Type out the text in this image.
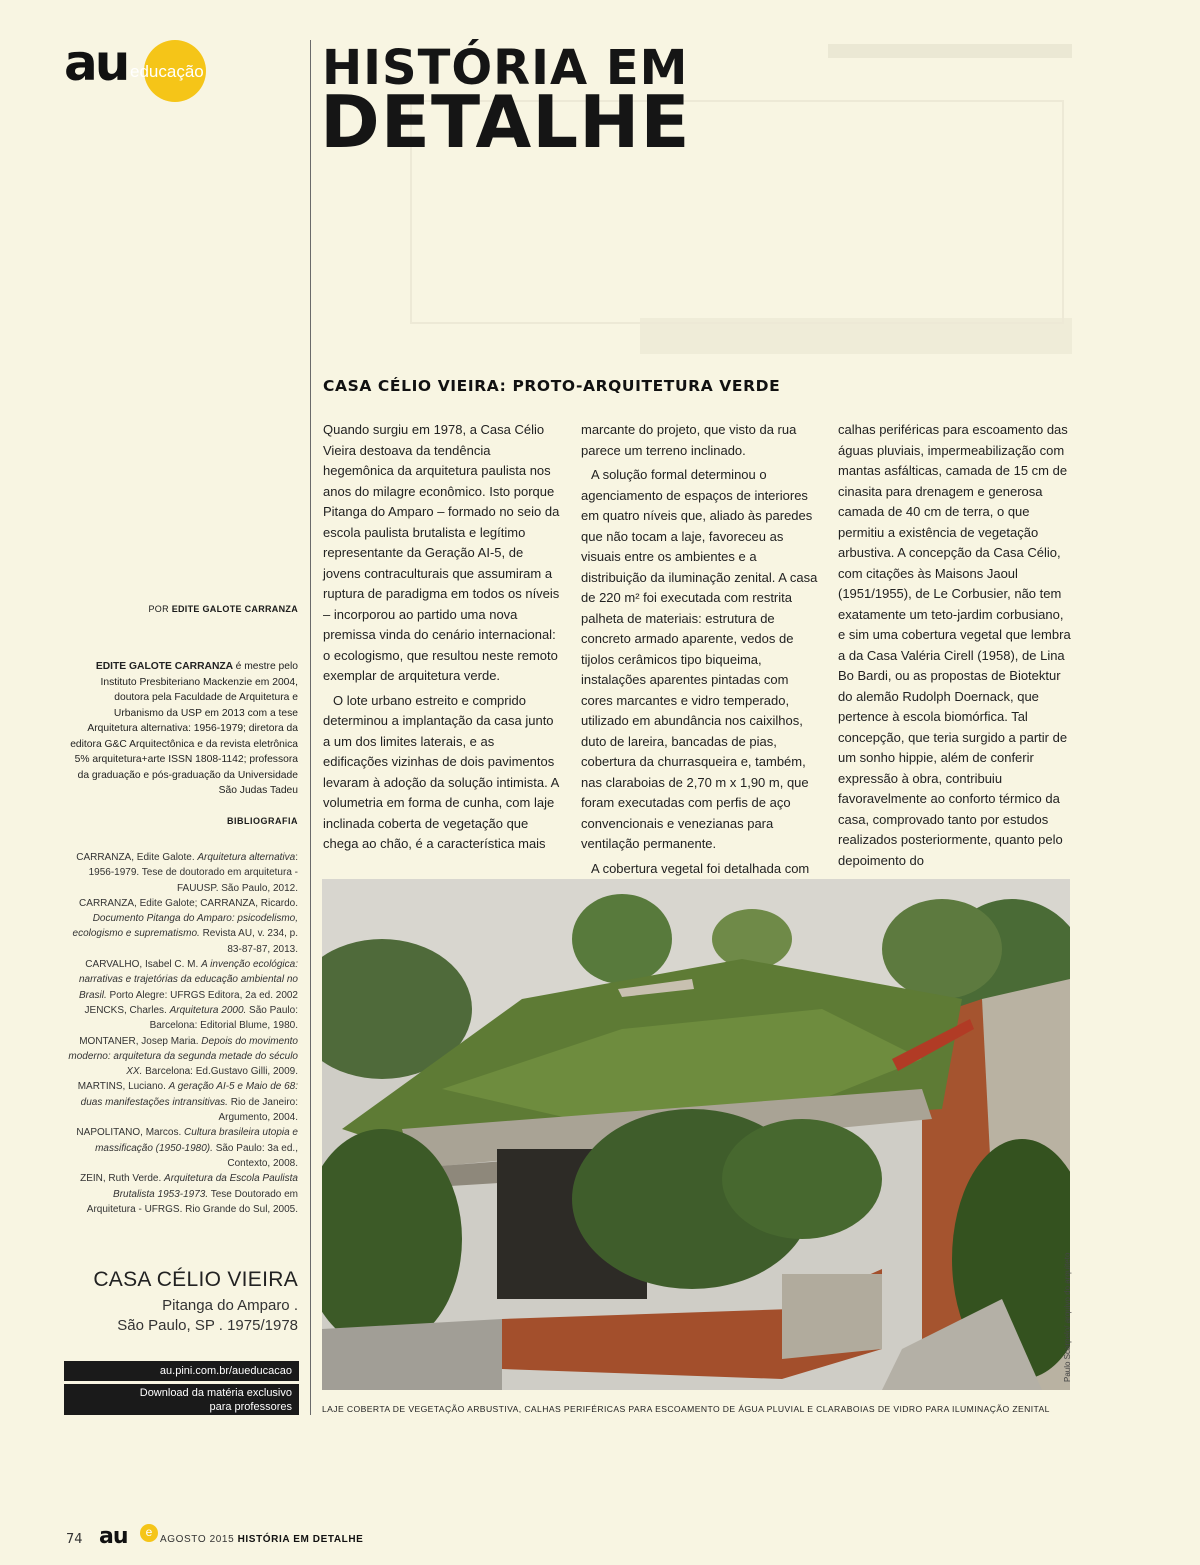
au educação HISTÓRIA EM
DETALHE
CASA CÉLIO VIEIRA: PROTO-ARQUITETURA VERDE

Quando surgiu em 1978, a Casa Célio Vieira destoava da tendência hegemônica da arquitetura paulista nos anos do milagre econômico. Isto porque Pitanga do Amparo – formado no seio da escola paulista brutalista e legítimo representante da Geração AI-5, de jovens contraculturais que assumiram a ruptura de paradigma em todos os níveis – incorporou ao partido uma nova premissa vinda do cenário internacional: o ecologismo, que resultou neste remoto exemplar de arquitetura verde.

O lote urbano estreito e comprido determinou a implantação da casa junto a um dos limites laterais, e as edificações vizinhas de dois pavimentos levaram à adoção da solução intimista. A volumetria em forma de cunha, com laje inclinada coberta de vegetação que chega ao chão, é a característica mais

marcante do projeto, que visto da rua parece um terreno inclinado.

A solução formal determinou o agenciamento de espaços de interiores em quatro níveis que, aliado às paredes que não tocam a laje, favoreceu as visuais entre os ambientes e a distribuição da iluminação zenital. A casa de 220 m² foi executada com restrita palheta de materiais: estrutura de concreto armado aparente, vedos de tijolos cerâmicos tipo biqueima, instalações aparentes pintadas com cores marcantes e vidro temperado, utilizado em abundância nos caixilhos, duto de lareira, bancadas de pias, cobertura da churrasqueira e, também, nas claraboias de 2,70 m x 1,90 m, que foram executadas com perfis de aço convencionais e venezianas para ventilação permanente.

A cobertura vegetal foi detalhada com

calhas periféricas para escoamento das águas pluviais, impermeabilização com mantas asfálticas, camada de 15 cm de cinasita para drenagem e generosa camada de 40 cm de terra, o que permitiu a existência de vegetação arbustiva. A concepção da Casa Célio, com citações às Maisons Jaoul (1951/1955), de Le Corbusier, não tem exatamente um teto-jardim corbusiano, e sim uma cobertura vegetal que lembra a da Casa Valéria Cirell (1958), de Lina Bo Bardi, ou as propostas de Biotektur do alemão Rudolph Doernack, que pertence à escola biomórfica. Tal concepção, que teria surgido a partir de um sonho hippie, além de conferir expressão à obra, contribuiu favoravelmente ao conforto térmico da casa, comprovado tanto por estudos realizados posteriormente, quanto pelo depoimento do

POR EDITE GALOTE CARRANZA
EDITE GALOTE CARRANZA é mestre pelo Instituto Presbiteriano Mackenzie em 2004, doutora pela Faculdade de Arquitetura e Urbanismo da USP em 2013 com a tese Arquitetura alternativa: 1956-1979; diretora da editora G&C Arquitectônica e da revista eletrônica 5% arquitetura+arte ISSN 1808-1142; professora da graduação e pós-graduação da Universidade São Judas Tadeu
BIBLIOGRAFIA
CARRANZA, Edite Galote. Arquitetura alternativa: 1956-1979. Tese de doutorado em arquitetura - FAUUSP. São Paulo, 2012.
CARRANZA, Edite Galote; CARRANZA, Ricardo. Documento Pitanga do Amparo: psicodelismo, ecologismo e suprematismo. Revista AU, v. 234, p. 83-87-87, 2013.
CARVALHO, Isabel C. M. A invenção ecológica: narrativas e trajetórias da educação ambiental no Brasil. Porto Alegre: UFRGS Editora, 2a ed. 2002
JENCKS, Charles. Arquitetura 2000. São Paulo: Barcelona: Editorial Blume, 1980.
MONTANER, Josep Maria. Depois do movimento moderno: arquitetura da segunda metade do século XX. Barcelona: Ed.Gustavo Gilli, 2009.
MARTINS, Luciano. A geração AI-5 e Maio de 68: duas manifestações intransitivas. Rio de Janeiro: Argumento, 2004.
NAPOLITANO, Marcos. Cultura brasileira utopia e massificação (1950-1980). São Paulo: 3a ed., Contexto, 2008.
ZEIN, Ruth Verde. Arquitetura da Escola Paulista Brutalista 1953-1973. Tese Doutorado em Arquitetura - UFRGS. Rio Grande do Sul, 2005.
CASA CÉLIO VIEIRA
Pitanga do Amparo .
São Paulo, SP . 1975/1978
au.pini.com.br/aueducacao
Download da matéria exclusivo
para professores
Paulo Scarpelo/ arquivo do arquiteto
LAJE COBERTA DE VEGETAÇÃO ARBUSTIVA, CALHAS PERIFÉRICAS PARA ESCOAMENTO DE ÁGUA PLUVIAL E CLARABOIAS DE VIDRO PARA ILUMINAÇÃO ZENITAL
74 au	e
AGOSTO 2015 HISTÓRIA EM DETALHE
